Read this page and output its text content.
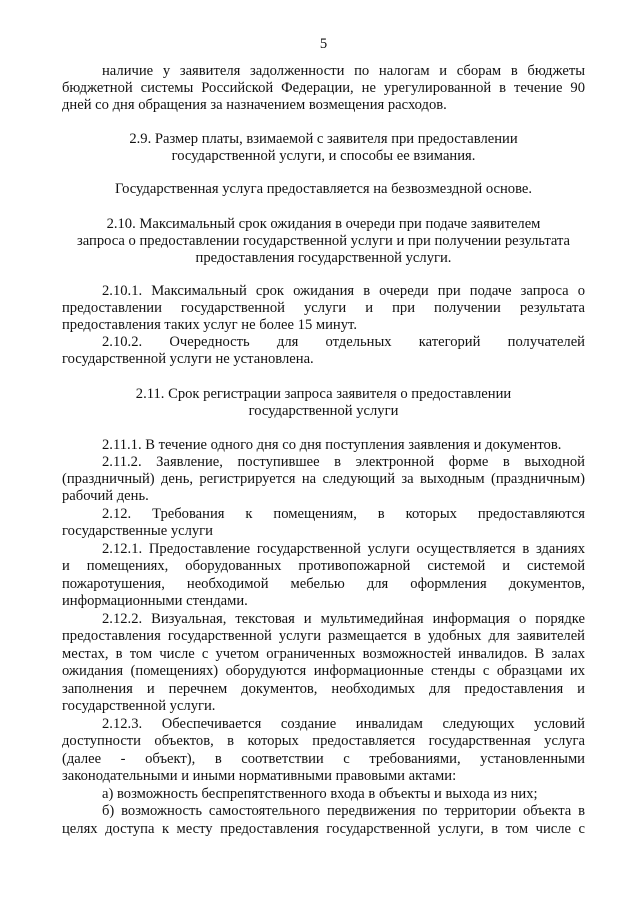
5
наличие у заявителя задолженности по налогам и сборам в бюджеты
бюджетной системы Российской Федерации, не урегулированной в течение 90
дней со дня обращения за назначением возмещения расходов.
2.9. Размер платы, взимаемой с заявителя при предоставлении
государственной услуги, и способы ее взимания.
Государственная услуга предоставляется на безвозмездной основе.
2.10. Максимальный срок ожидания в очереди при подаче заявителем
запроса о предоставлении государственной услуги и при получении результата
предоставления государственной услуги.
2.10.1. Максимальный срок ожидания в очереди при подаче запроса о
предоставлении государственной услуги и при получении результата
предоставления таких услуг не более 15 минут.
2.10.2. Очередность для отдельных категорий получателей
государственной услуги не установлена.
2.11. Срок регистрации запроса заявителя о предоставлении
государственной услуги
2.11.1. В течение одного дня со дня поступления заявления и документов.
2.11.2. Заявление, поступившее в электронной форме в выходной
(праздничный) день, регистрируется на следующий за выходным (праздничным)
рабочий день.
2.12. Требования к помещениям, в которых предоставляются
государственные услуги
2.12.1. Предоставление государственной услуги осуществляется в зданиях
и помещениях, оборудованных противопожарной системой и системой
пожаротушения, необходимой мебелью для оформления документов,
информационными стендами.
2.12.2. Визуальная, текстовая и мультимедийная информация о порядке
предоставления государственной услуги размещается в удобных для заявителей
местах, в том числе с учетом ограниченных возможностей инвалидов. В залах
ожидания (помещениях) оборудуются информационные стенды с образцами их
заполнения и перечнем документов, необходимых для предоставления и
государственной услуги.
2.12.3. Обеспечивается создание инвалидам следующих условий
доступности объектов, в которых предоставляется государственная услуга
(далее - объект), в соответствии с требованиями, установленными
законодательными и иными нормативными правовыми актами:
а) возможность беспрепятственного входа в объекты и выхода из них;
б) возможность самостоятельного передвижения по территории объекта в
целях доступа к месту предоставления государственной услуги, в том числе с
